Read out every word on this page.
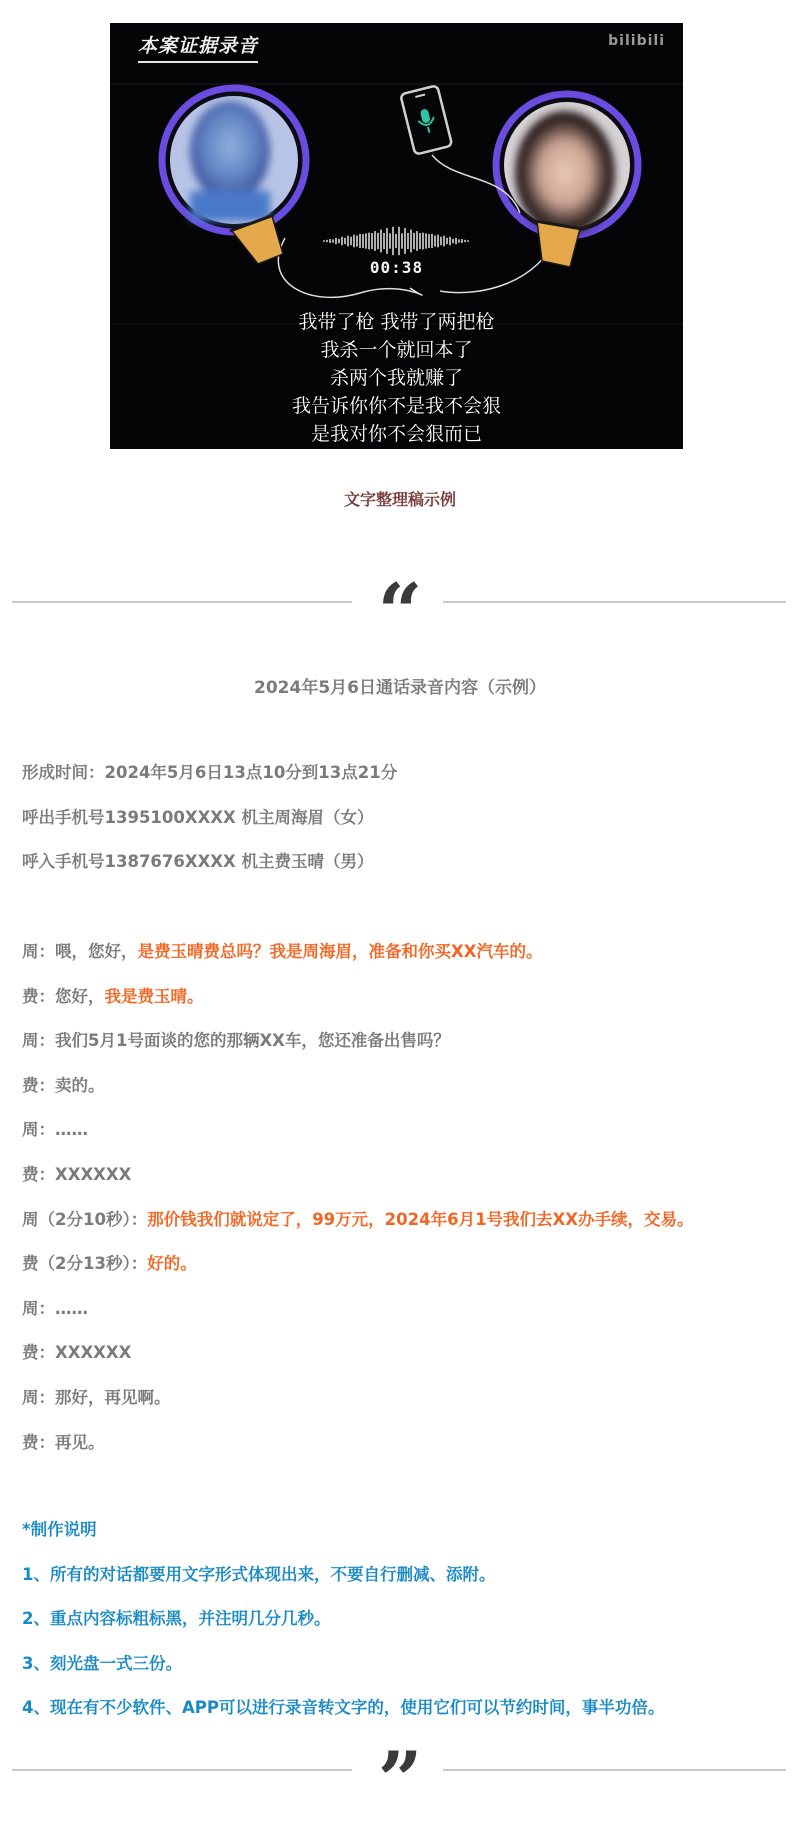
本案证据录音	bilibili
00:38
我带了枪 我带了两把枪
我杀一个就回本了
杀两个我就赚了
我告诉你你不是我不会狠
是我对你不会狠而已
文字整理稿示例
“
2024年5月6日通话录音内容（示例）
形成时间：2024年5月6日13点10分到13点21分
呼出手机号1395100XXXX 机主周海眉（女）
呼入手机号1387676XXXX 机主费玉晴（男）
周：喂，您好，是费玉晴费总吗？我是周海眉，准备和你买XX汽车的。
费：您好，我是费玉晴。
周：我们5月1号面谈的您的那辆XX车，您还准备出售吗？
费：卖的。
周：……
费：XXXXXX
周（2分10秒）：那价钱我们就说定了，99万元，2024年6月1号我们去XX办手续，交易。
费（2分13秒）：好的。
周：……
费：XXXXXX
周：那好，再见啊。
费：再见。
*制作说明
1、所有的对话都要用文字形式体现出来，不要自行删减、添附。
2、重点内容标粗标黑，并注明几分几秒。
3、刻光盘一式三份。
4、现在有不少软件、APP可以进行录音转文字的，使用它们可以节约时间，事半功倍。
”
